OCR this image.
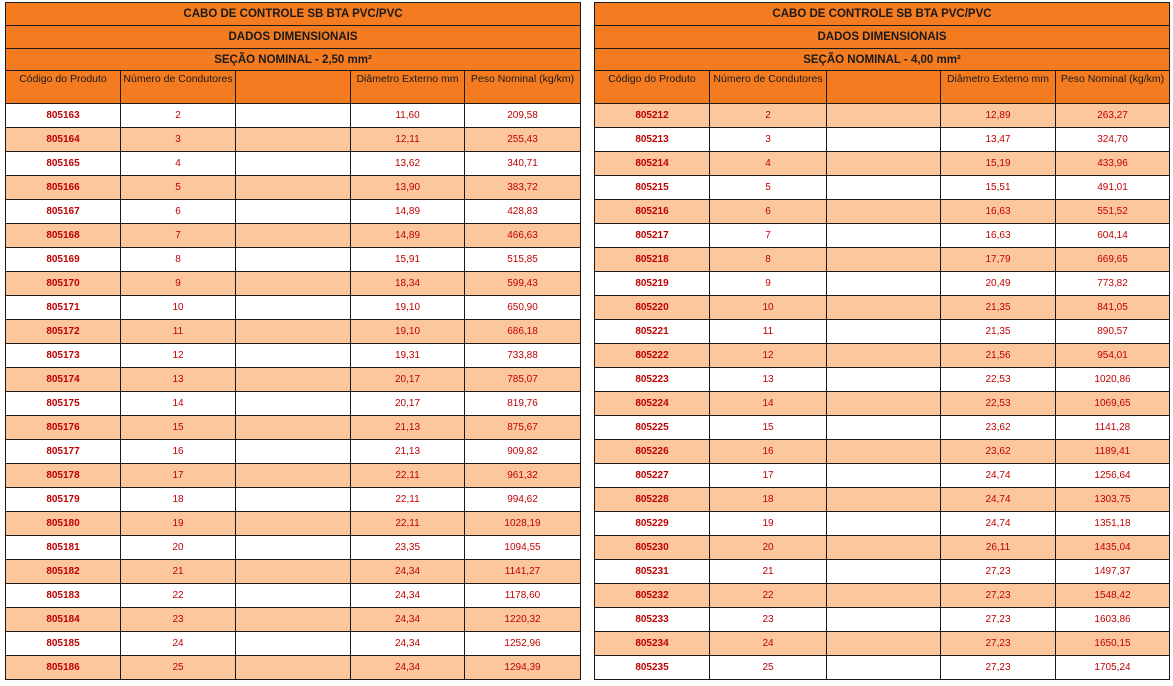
CABO DE CONTROLE SB BTA PVC/PVC				
DADOS DIMENSIONAIS				
SEÇÃO NOMINAL - 2,50 mm²				
Código do Produto	Número de Condutores		Diâmetro Externo mm	Peso Nominal (kg/km)
805163	2		11,60	209,58
805164	3		12,11	255,43
805165	4		13,62	340,71
805166	5		13,90	383,72
805167	6		14,89	428,83
805168	7		14,89	466,63
805169	8		15,91	515,85
805170	9		18,34	599,43
805171	10		19,10	650,90
805172	11		19,10	686,18
805173	12		19,31	733,88
805174	13		20,17	785,07
805175	14		20,17	819,76
805176	15		21,13	875,67
805177	16		21,13	909,82
805178	17		22,11	961,32
805179	18		22,11	994,62
805180	19		22,11	1028,19
805181	20		23,35	1094,55
805182	21		24,34	1141,27
805183	22		24,34	1178,60
805184	23		24,34	1220,32
805185	24		24,34	1252,96
805186	25		24,34	1294,39
CABO DE CONTROLE SB BTA PVC/PVC				
DADOS DIMENSIONAIS				
SEÇÃO NOMINAL - 4,00 mm²				
Código do Produto	Número de Condutores		Diâmetro Externo mm	Peso Nominal (kg/km)
805212	2		12,89	263,27
805213	3		13,47	324,70
805214	4		15,19	433,96
805215	5		15,51	491,01
805216	6		16,63	551,52
805217	7		16,63	604,14
805218	8		17,79	669,65
805219	9		20,49	773,82
805220	10		21,35	841,05
805221	11		21,35	890,57
805222	12		21,56	954,01
805223	13		22,53	1020,86
805224	14		22,53	1069,65
805225	15		23,62	1141,28
805226	16		23,62	1189,41
805227	17		24,74	1256,64
805228	18		24,74	1303,75
805229	19		24,74	1351,18
805230	20		26,11	1435,04
805231	21		27,23	1497,37
805232	22		27,23	1548,42
805233	23		27,23	1603,86
805234	24		27,23	1650,15
805235	25		27,23	1705,24
